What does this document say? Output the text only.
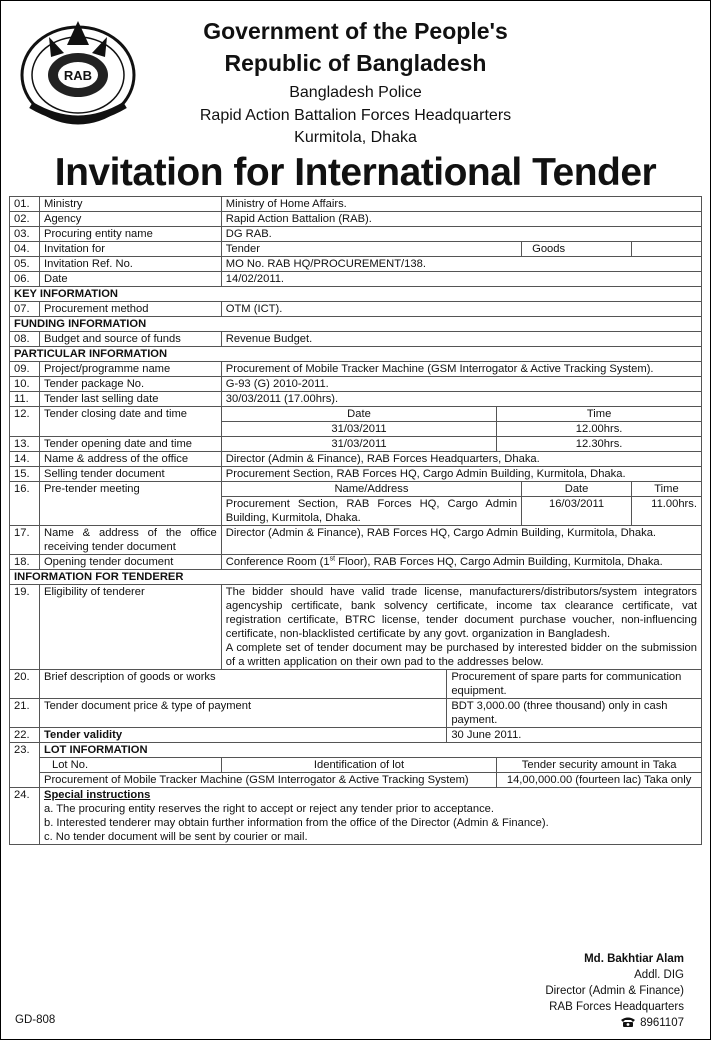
RAB
Government of the People's
Republic of Bangladesh
Bangladesh Police
Rapid Action Battalion Forces Headquarters
Kurmitola, Dhaka
Invitation for International Tender
01.	Ministry	Ministry of Home Affairs.				
02.	Agency	Rapid Action Battalion (RAB).				
03.	Procuring entity name	DG RAB.				
04.	Invitation for	Tender			Goods	
05.	Invitation Ref. No.	MO No. RAB HQ/PROCUREMENT/138.				
06.	Date	14/02/2011.				
KEY INFORMATION						
07.	Procurement method	OTM (ICT).				
FUNDING INFORMATION						
08.	Budget and source of funds	Revenue Budget.				
PARTICULAR INFORMATION						
09.	Project/programme name	Procurement of Mobile Tracker Machine (GSM Interrogator & Active Tracking System).				
10.	Tender package No.	G-93 (G) 2010-2011.				
11.	Tender last selling date	30/03/2011 (17.00hrs).				
12.	Tender closing date and time	Date		Time		
		31/03/2011		12.00hrs.		
13.	Tender opening date and time	31/03/2011		12.30hrs.		
14.	Name & address of the office	Director (Admin & Finance), RAB Forces Headquarters, Dhaka.				
15.	Selling tender document	Procurement Section, RAB Forces HQ, Cargo Admin Building, Kurmitola, Dhaka.				
16.	Pre-tender meeting	Name/Address			Date	Time
		Procurement Section, RAB Forces HQ, Cargo Admin Building, Kurmitola, Dhaka.			16/03/2011	11.00hrs.
17.	Name & address of the office receiving tender document	Director (Admin & Finance), RAB Forces HQ, Cargo Admin Building, Kurmitola, Dhaka.				
18.	Opening tender document	Conference Room (1st Floor), RAB Forces HQ, Cargo Admin Building, Kurmitola, Dhaka.				
INFORMATION FOR TENDERER						
19.	Eligibility of tenderer	The bidder should have valid trade license, manufacturers/distributors/system integrators agencyship certificate, bank solvency certificate, income tax clearance certificate, vat registration certificate, BTRC license, tender document purchase voucher, non-influencing certificate, non-blacklisted certificate by any govt. organization in Bangladesh.
A complete set of tender document may be purchased by interested bidder on the submission of a written application on their own pad to the addresses below.				

20.	Brief description of goods or works		Procurement of spare parts for communication equipment.			
21.	Tender document price & type of payment		BDT 3,000.00 (three thousand) only in cash payment.			
22.	Tender validity		30 June 2011.			
23.	LOT INFORMATION					
	Lot No.	Identification of lot		Tender security amount in Taka		
	Procurement of Mobile Tracker Machine (GSM Interrogator & Active Tracking System)			14,00,000.00 (fourteen lac) Taka only		
24.	Special instructions
a. The procuring entity reserves the right to accept or reject any tender prior to acceptance.
b. Interested tenderer may obtain further information from the office of the Director (Admin & Finance).
c. No tender document will be sent by courier or mail.					
Md. Bakhtiar Alam
Addl. DIG
Director (Admin & Finance)
RAB Forces Headquarters
8961107
GD-808
